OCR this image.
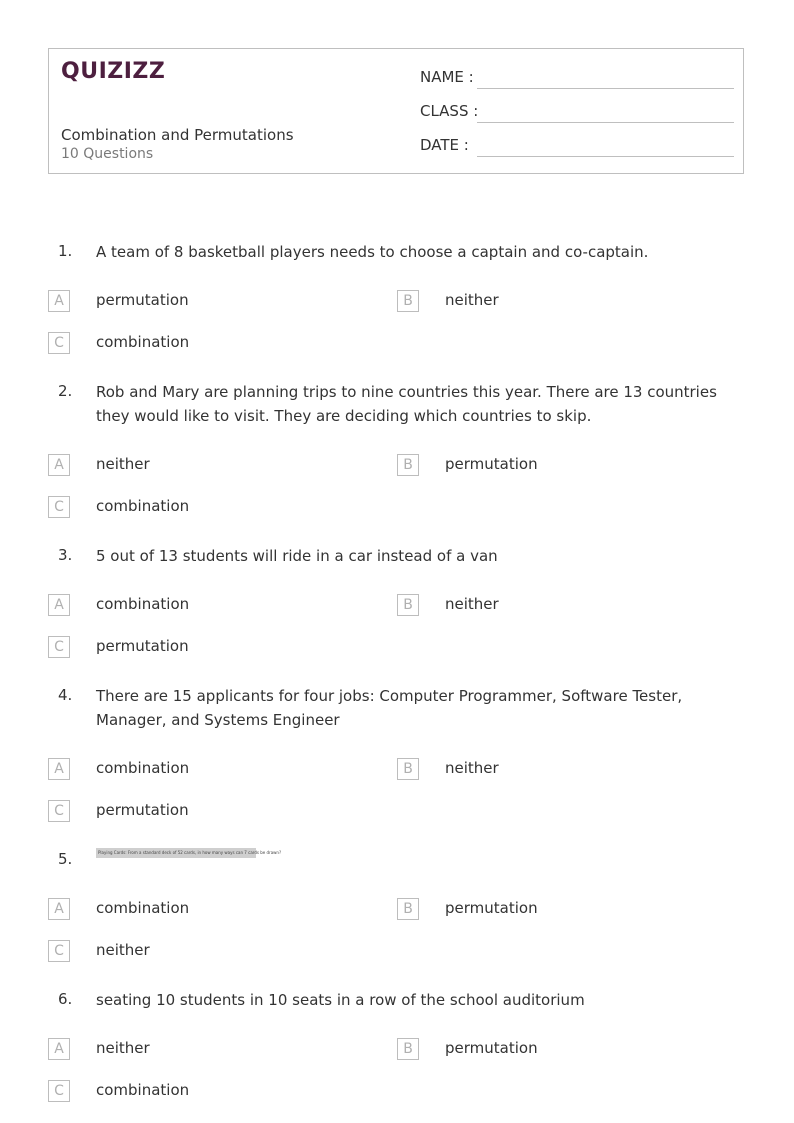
QUIZIZZ
Combination and Permutations
10 Questions
NAME :
CLASS :
DATE :
1. A team of 8 basketball players needs to choose a captain and co-captain.
A	permutation	B	neither
C	combination
2. Rob and Mary are planning trips to nine countries this year. There are 13 countries they would like to visit. They are deciding which countries to skip.
A	neither	B	permutation
C	combination
3. 5 out of 13 students will ride in a car instead of a van
A	combination	B	neither
C	permutation
4. There are 15 applicants for four jobs: Computer Programmer, Software Tester, Manager, and Systems Engineer
A	combination	B	neither
C	permutation
5.	Playing Cards: From a standard deck of 52 cards, in how many ways can 7 cards be drawn?
A	combination	B	permutation
C	neither
6. seating 10 students in 10 seats in a row of the school auditorium
A	neither	B	permutation
C	combination
